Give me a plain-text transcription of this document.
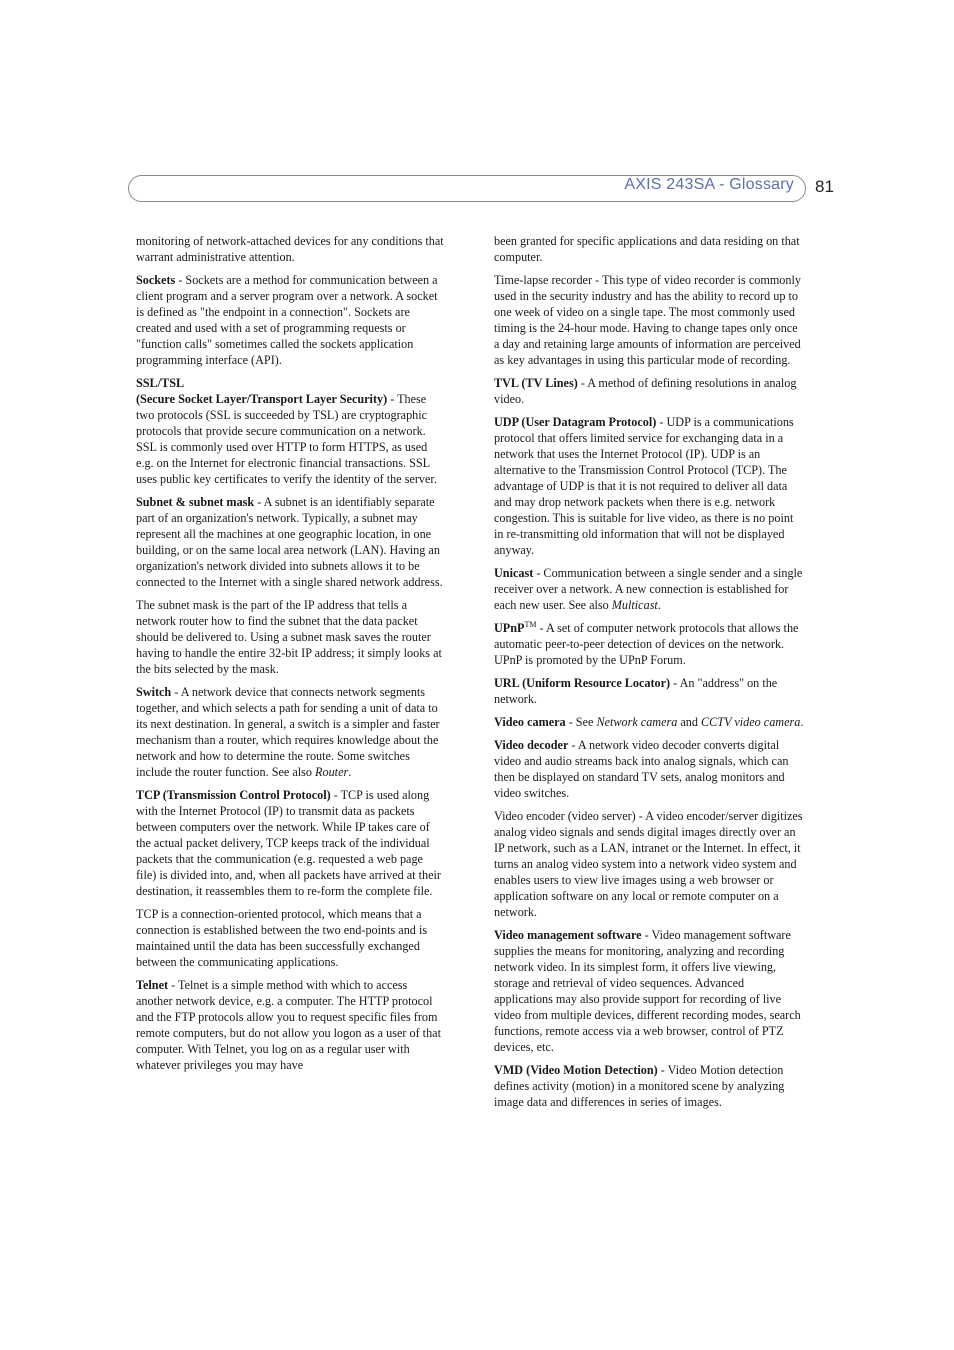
AXIS 243SA - Glossary 81

monitoring of network-attached devices for any conditions that warrant administrative attention.

Sockets - Sockets are a method for communication between a client program and a server program over a network. A socket is defined as "the endpoint in a connection". Sockets are created and used with a set of programming requests or "function calls" sometimes called the sockets application programming interface (API).

SSL/TSL
(Secure Socket Layer/Transport Layer Security) - These two protocols (SSL is succeeded by TSL) are cryptographic protocols that provide secure communication on a network. SSL is commonly used over HTTP to form HTTPS, as used e.g. on the Internet for electronic financial transactions. SSL uses public key certificates to verify the identity of the server.

Subnet & subnet mask - A subnet is an identifiably separate part of an organization's network. Typically, a subnet may represent all the machines at one geographic location, in one building, or on the same local area network (LAN). Having an organization's network divided into subnets allows it to be connected to the Internet with a single shared network address.

The subnet mask is the part of the IP address that tells a network router how to find the subnet that the data packet should be delivered to. Using a subnet mask saves the router having to handle the entire 32-bit IP address; it simply looks at the bits selected by the mask.

Switch - A network device that connects network segments together, and which selects a path for sending a unit of data to its next destination. In general, a switch is a simpler and faster mechanism than a router, which requires knowledge about the network and how to determine the route. Some switches include the router function. See also Router.

TCP (Transmission Control Protocol) - TCP is used along with the Internet Protocol (IP) to transmit data as packets between computers over the network. While IP takes care of the actual packet delivery, TCP keeps track of the individual packets that the communication (e.g. requested a web page file) is divided into, and, when all packets have arrived at their destination, it reassembles them to re-form the complete file.

TCP is a connection-oriented protocol, which means that a connection is established between the two end-points and is maintained until the data has been successfully exchanged between the communicating applications.

Telnet - Telnet is a simple method with which to access another network device, e.g. a computer. The HTTP protocol and the FTP protocols allow you to request specific files from remote computers, but do not allow you logon as a user of that computer. With Telnet, you log on as a regular user with whatever privileges you may have

been granted for specific applications and data residing on that computer.

Time-lapse recorder - This type of video recorder is commonly used in the security industry and has the ability to record up to one week of video on a single tape. The most commonly used timing is the 24-hour mode. Having to change tapes only once a day and retaining large amounts of information are perceived as key advantages in using this particular mode of recording.

TVL (TV Lines) - A method of defining resolutions in analog video.

UDP (User Datagram Protocol) - UDP is a communications protocol that offers limited service for exchanging data in a network that uses the Internet Protocol (IP). UDP is an alternative to the Transmission Control Protocol (TCP). The advantage of UDP is that it is not required to deliver all data and may drop network packets when there is e.g. network congestion. This is suitable for live video, as there is no point in re-transmitting old information that will not be displayed anyway.

Unicast - Communication between a single sender and a single receiver over a network. A new connection is established for each new user. See also Multicast.

UPnP™ - A set of computer network protocols that allows the automatic peer-to-peer detection of devices on the network. UPnP is promoted by the UPnP Forum.

URL (Uniform Resource Locator) - An "address" on the network.

Video camera - See Network camera and CCTV video camera.

Video decoder - A network video decoder converts digital video and audio streams back into analog signals, which can then be displayed on standard TV sets, analog monitors and video switches.

Video encoder (video server) - A video encoder/server digitizes analog video signals and sends digital images directly over an IP network, such as a LAN, intranet or the Internet. In effect, it turns an analog video system into a network video system and enables users to view live images using a web browser or application software on any local or remote computer on a network.

Video management software - Video management software supplies the means for monitoring, analyzing and recording network video. In its simplest form, it offers live viewing, storage and retrieval of video sequences. Advanced applications may also provide support for recording of live video from multiple devices, different recording modes, search functions, remote access via a web browser, control of PTZ devices, etc.

VMD (Video Motion Detection) - Video Motion detection defines activity (motion) in a monitored scene by analyzing image data and differences in series of images.
